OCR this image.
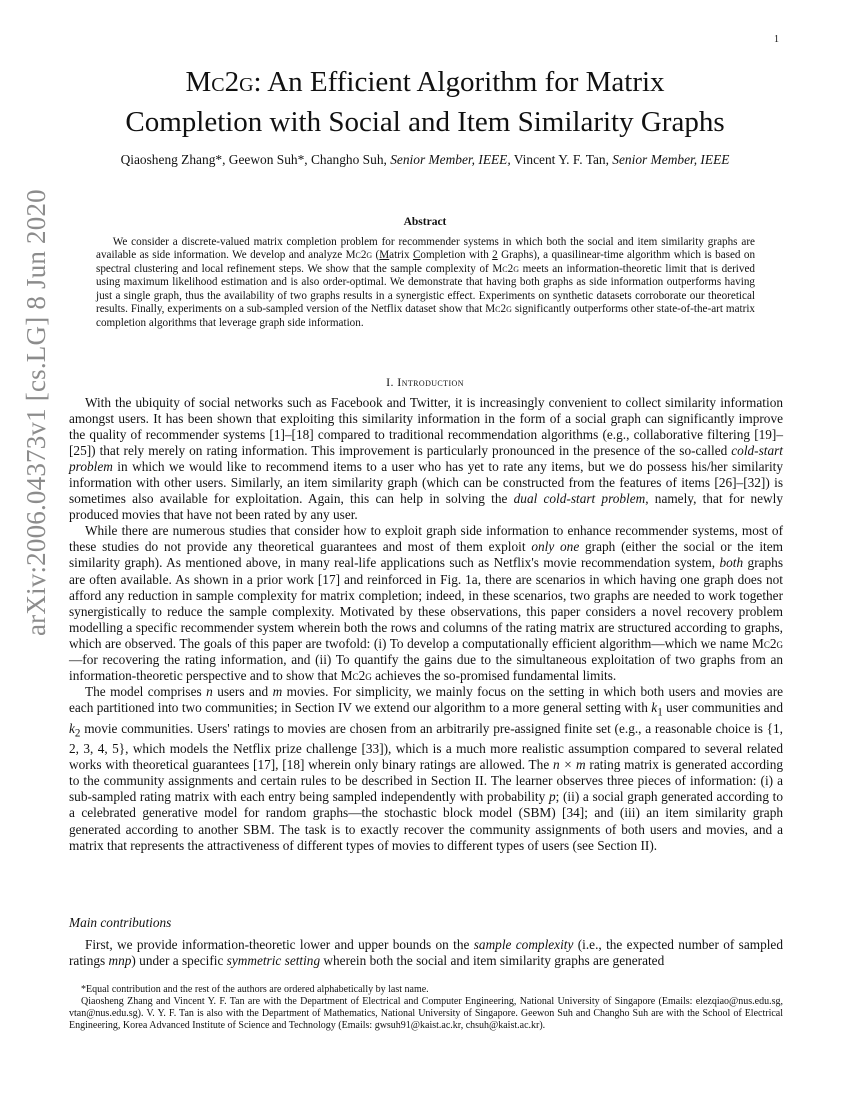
1
arXiv:2006.04373v1 [cs.LG] 8 Jun 2020
Mc2g: An Efficient Algorithm for Matrix
Completion with Social and Item Similarity Graphs
Qiaosheng Zhang*, Geewon Suh*, Changho Suh, Senior Member, IEEE, Vincent Y. F. Tan, Senior Member, IEEE
Abstract

We consider a discrete-valued matrix completion problem for recommender systems in which both the social and item similarity graphs are available as side information. We develop and analyze Mc2g (Matrix Completion with 2 Graphs), a quasilinear-time algorithm which is based on spectral clustering and local refinement steps. We show that the sample complexity of Mc2g meets an information-theoretic limit that is derived using maximum likelihood estimation and is also order-optimal. We demonstrate that having both graphs as side information outperforms having just a single graph, thus the availability of two graphs results in a synergistic effect. Experiments on synthetic datasets corroborate our theoretical results. Finally, experiments on a sub-sampled version of the Netflix dataset show that Mc2g significantly outperforms other state-of-the-art matrix completion algorithms that leverage graph side information.

I. Introduction

With the ubiquity of social networks such as Facebook and Twitter, it is increasingly convenient to collect similarity information amongst users. It has been shown that exploiting this similarity information in the form of a social graph can significantly improve the quality of recommender systems [1]–[18] compared to traditional recommendation algorithms (e.g., collaborative filtering [19]–[25]) that rely merely on rating information. This improvement is particularly pronounced in the presence of the so-called cold-start problem in which we would like to recommend items to a user who has yet to rate any items, but we do possess his/her similarity information with other users. Similarly, an item similarity graph (which can be constructed from the features of items [26]–[32]) is sometimes also available for exploitation. Again, this can help in solving the dual cold-start problem, namely, that for newly produced movies that have not been rated by any user.

While there are numerous studies that consider how to exploit graph side information to enhance recommender systems, most of these studies do not provide any theoretical guarantees and most of them exploit only one graph (either the social or the item similarity graph). As mentioned above, in many real-life applications such as Netflix's movie recommendation system, both graphs are often available. As shown in a prior work [17] and reinforced in Fig. 1a, there are scenarios in which having one graph does not afford any reduction in sample complexity for matrix completion; indeed, in these scenarios, two graphs are needed to work together synergistically to reduce the sample complexity. Motivated by these observations, this paper considers a novel recovery problem modelling a specific recommender system wherein both the rows and columns of the rating matrix are structured according to graphs, which are observed. The goals of this paper are twofold: (i) To develop a computationally efficient algorithm—which we name Mc2g—for recovering the rating information, and (ii) To quantify the gains due to the simultaneous exploitation of two graphs from an information-theoretic perspective and to show that Mc2g achieves the so-promised fundamental limits.

The model comprises n users and m movies. For simplicity, we mainly focus on the setting in which both users and movies are each partitioned into two communities; in Section IV we extend our algorithm to a more general setting with $k_1$ user communities and $k_2$ movie communities. Users' ratings to movies are chosen from an arbitrarily pre-assigned finite set (e.g., a reasonable choice is {1, 2, 3, 4, 5}, which models the Netflix prize challenge [33]), which is a much more realistic assumption compared to several related works with theoretical guarantees [17], [18] wherein only binary ratings are allowed. The n × m rating matrix is generated according to the community assignments and certain rules to be described in Section II. The learner observes three pieces of information: (i) a sub-sampled rating matrix with each entry being sampled independently with probability p; (ii) a social graph generated according to a celebrated generative model for random graphs—the stochastic block model (SBM) [34]; and (iii) an item similarity graph generated according to another SBM. The task is to exactly recover the community assignments of both users and movies, and a matrix that represents the attractiveness of different types of movies to different types of users (see Section II).

Main contributions

First, we provide information-theoretic lower and upper bounds on the sample complexity (i.e., the expected number of sampled ratings mnp) under a specific symmetric setting wherein both the social and item similarity graphs are generated

*Equal contribution and the rest of the authors are ordered alphabetically by last name.

Qiaosheng Zhang and Vincent Y. F. Tan are with the Department of Electrical and Computer Engineering, National University of Singapore (Emails: elezqiao@nus.edu.sg, vtan@nus.edu.sg). V. Y. F. Tan is also with the Department of Mathematics, National University of Singapore. Geewon Suh and Changho Suh are with the School of Electrical Engineering, Korea Advanced Institute of Science and Technology (Emails: gwsuh91@kaist.ac.kr, chsuh@kaist.ac.kr).
